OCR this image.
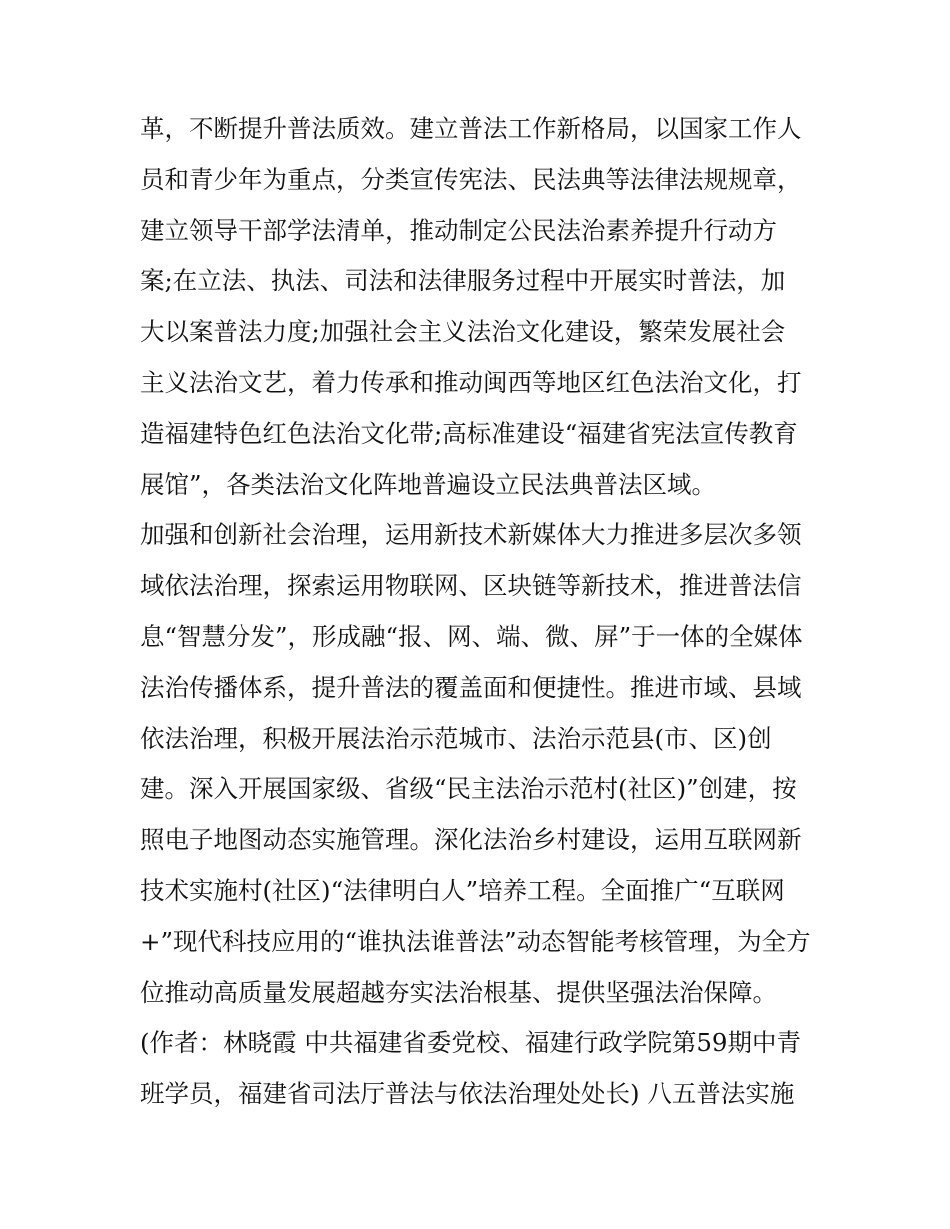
革，不断提升普法质效。建立普法工作新格局，以国家工作人
员和青少年为重点，分类宣传宪法、民法典等法律法规规章，
建立领导干部学法清单，推动制定公民法治素养提升行动方
案;在立法、执法、司法和法律服务过程中开展实时普法，加
大以案普法力度;加强社会主义法治文化建设，繁荣发展社会
主义法治文艺，着力传承和推动闽西等地区红色法治文化，打
造福建特色红色法治文化带;高标准建设“福建省宪法宣传教育
展馆”，各类法治文化阵地普遍设立民法典普法区域。
加强和创新社会治理，运用新技术新媒体大力推进多层次多领
域依法治理，探索运用物联网、区块链等新技术，推进普法信
息“智慧分发”，形成融“报、网、端、微、屏”于一体的全媒体
法治传播体系，提升普法的覆盖面和便捷性。推进市域、县域
依法治理，积极开展法治示范城市、法治示范县(市、区)创
建。深入开展国家级、省级“民主法治示范村(社区)”创建，按
照电子地图动态实施管理。深化法治乡村建设，运用互联网新
技术实施村(社区)“法律明白人”培养工程。全面推广“互联网
+”现代科技应用的“谁执法谁普法”动态智能考核管理，为全方
位推动高质量发展超越夯实法治根基、提供坚强法治保障。
(作者：林晓霞 中共福建省委党校、福建行政学院第59期中青
班学员，福建省司法厅普法与依法治理处处长) 八五普法实施
